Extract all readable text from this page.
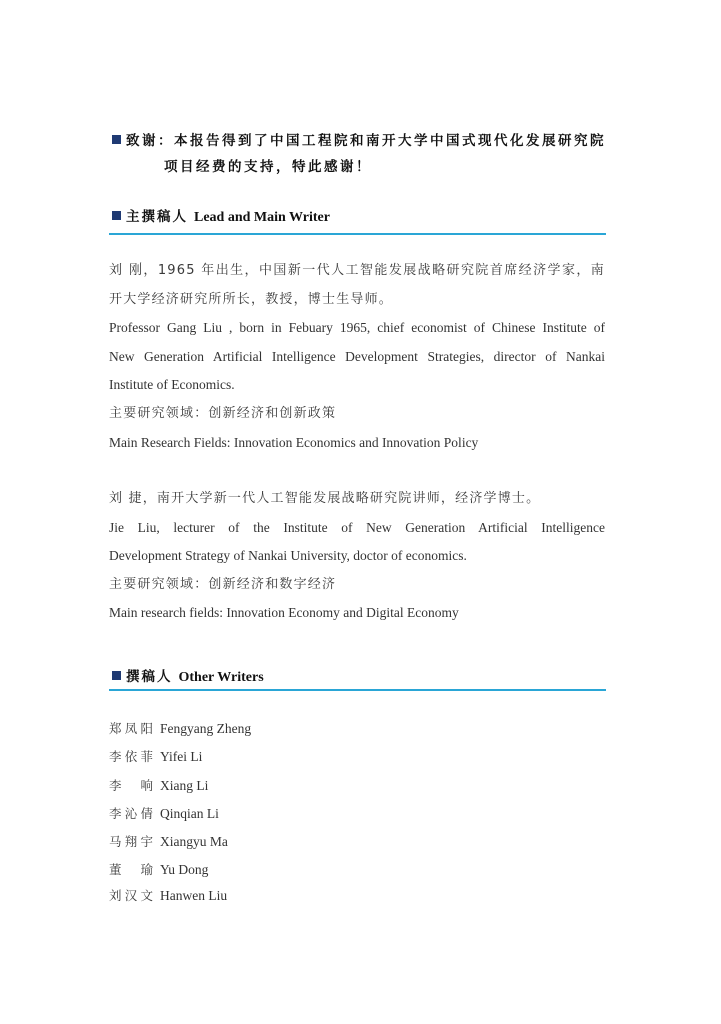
致谢：本报告得到了中国工程院和南开大学中国式现代化发展研究院
项目经费的支持，特此感谢！
主撰稿人 Lead and Main Writer
刘 刚，1965 年出生，中国新一代人工智能发展战略研究院首席经济学家，南
开大学经济研究所所长，教授，博士生导师。
Professor Gang Liu , born in Febuary 1965, chief economist of Chinese Institute of
New Generation Artificial Intelligence Development Strategies, director of Nankai
Institute of Economics.
主要研究领域：创新经济和创新政策
Main Research Fields: Innovation Economics and Innovation Policy
刘 捷，南开大学新一代人工智能发展战略研究院讲师，经济学博士。
Jie Liu, lecturer of the Institute of New Generation Artificial Intelligence
Development Strategy of Nankai University, doctor of economics.
主要研究领域：创新经济和数字经济
Main research fields: Innovation Economy and Digital Economy
撰稿人 Other Writers
郑凤阳 Fengyang Zheng
李依菲 Yifei Li
李 响 Xiang Li
李沁倩 Qinqian Li
马翔宇 Xiangyu Ma
董 瑜 Yu Dong
刘汉文 Hanwen Liu
